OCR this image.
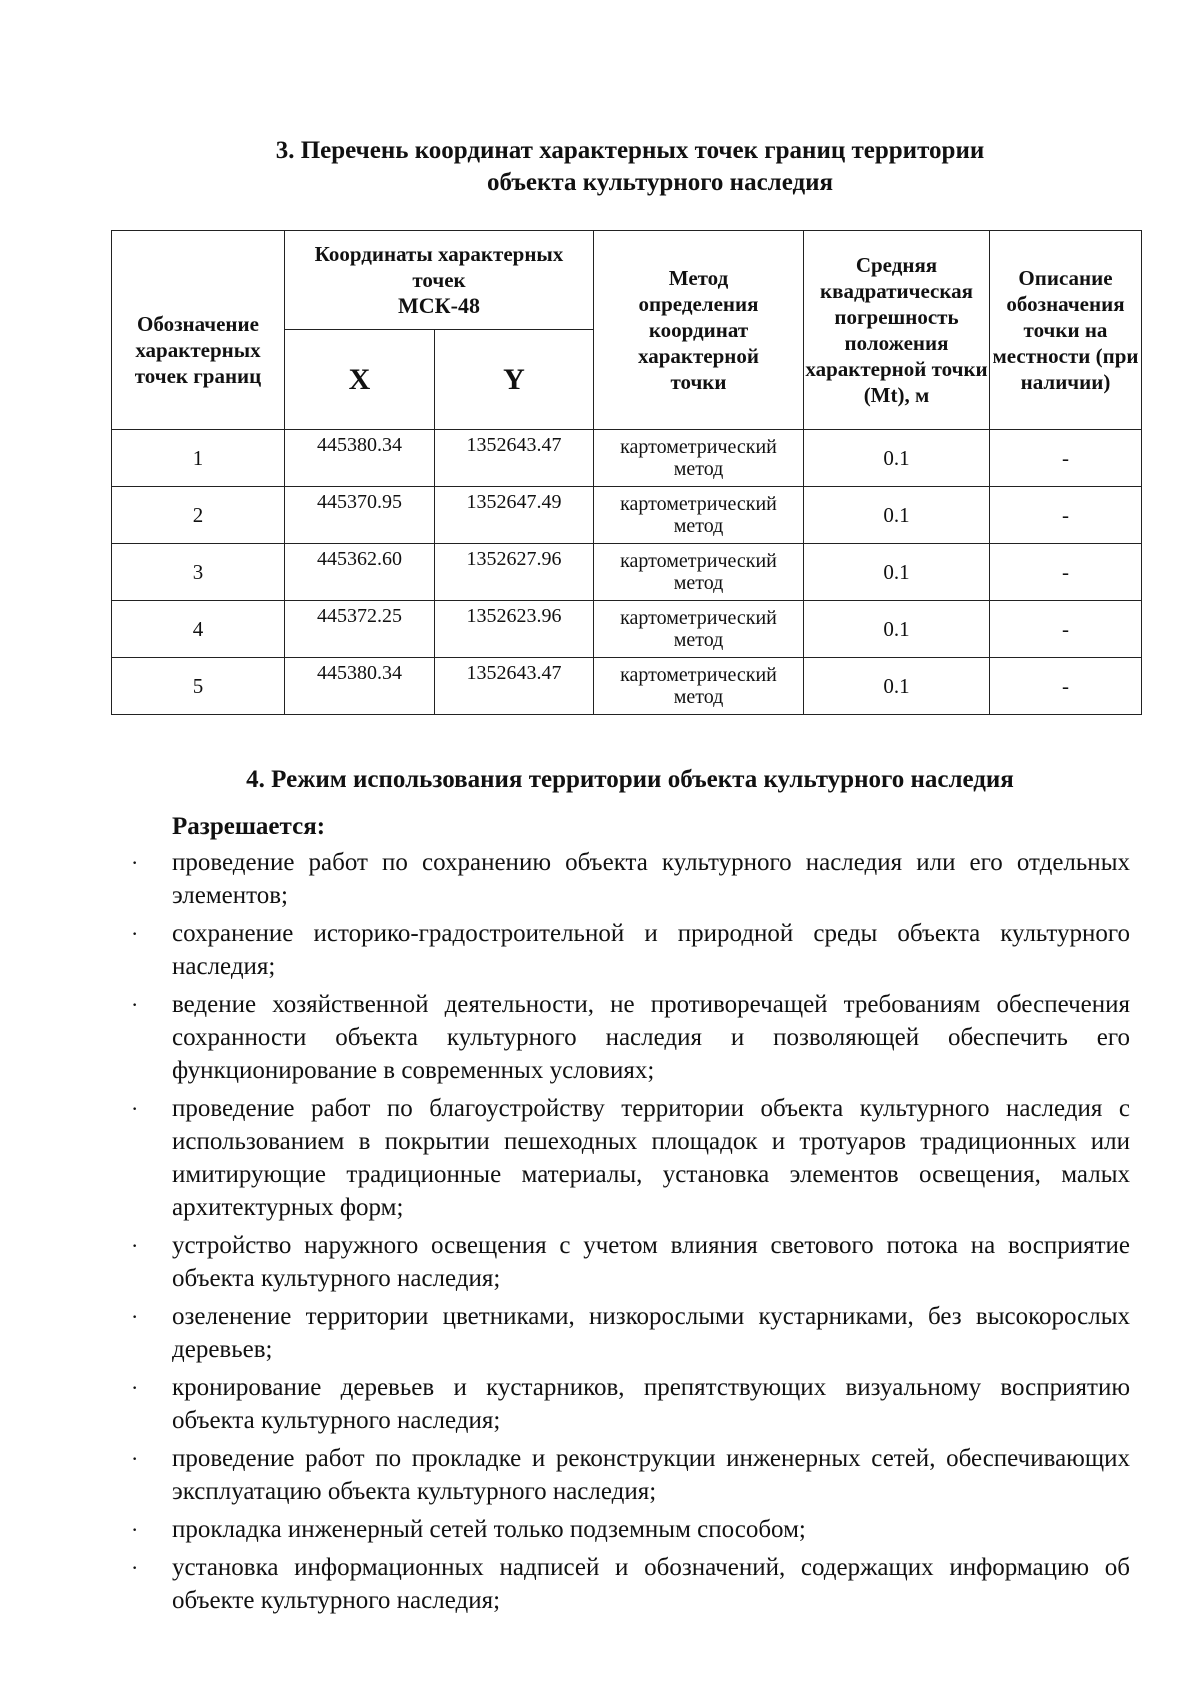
3. Перечень координат характерных точек границ территории
объекта культурного наследия
Обозначение характерных точек границ	Координаты характерных точек
МСК-48		Метод определения координат характерной точки	Средняя квадратическая погрешность положения характерной точки (Mt), м	Описание обозначения точки на местности (при наличии)
	X	Y			
1	445380.34	1352643.47	картометрический метод	0.1	-
2	445370.95	1352647.49	картометрический метод	0.1	-
3	445362.60	1352627.96	картометрический метод	0.1	-
4	445372.25	1352623.96	картометрический метод	0.1	-
5	445380.34	1352643.47	картометрический метод	0.1	-
4. Режим использования территории объекта культурного наследия
Разрешается:
·	проведение работ по сохранению объекта культурного наследия или его отдельных элементов;
·	сохранение историко-градостроительной и природной среды объекта культурного наследия;
·	ведение хозяйственной деятельности, не противоречащей требованиям обеспечения сохранности объекта культурного наследия и позволяющей обеспечить его функционирование в современных условиях;
·	проведение работ по благоустройству территории объекта культурного наследия с использованием в покрытии пешеходных площадок и тротуаров традиционных или имитирующие традиционные материалы, установка элементов освещения, малых архитектурных форм;
·	устройство наружного освещения с учетом влияния светового потока на восприятие объекта культурного наследия;
·	озеленение территории цветниками, низкорослыми кустарниками, без высокорослых деревьев;
·	кронирование деревьев и кустарников, препятствующих визуальному восприятию объекта культурного наследия;
·	проведение работ по прокладке и реконструкции инженерных сетей, обеспечивающих эксплуатацию объекта культурного наследия;
·	прокладка инженерный сетей только подземным способом;
·	установка информационных надписей и обозначений, содержащих информацию об объекте культурного наследия;
